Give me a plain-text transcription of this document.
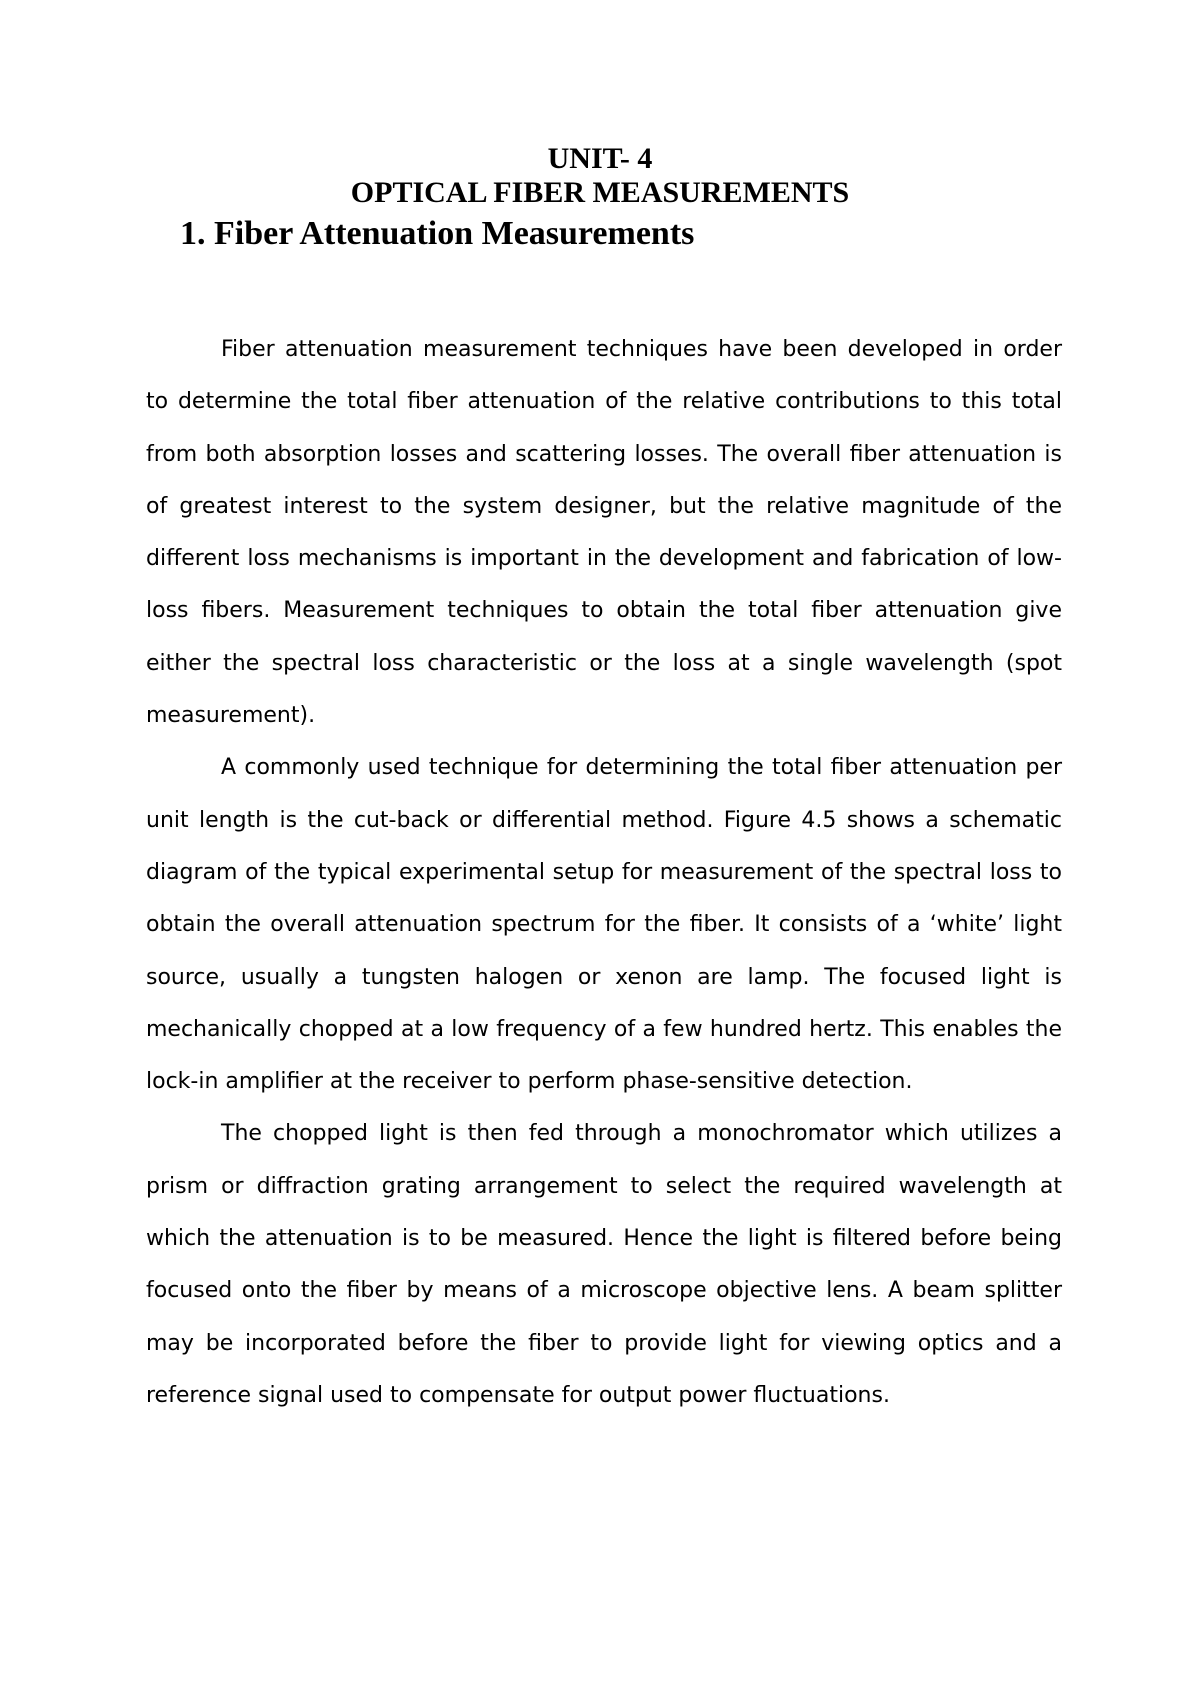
UNIT- 4
OPTICAL FIBER MEASUREMENTS
1. Fiber Attenuation Measurements

Fiber attenuation measurement techniques have been developed in order to determine the total fiber attenuation of the relative contributions to this total from both absorption losses and scattering losses. The overall fiber attenuation is of greatest interest to the system designer, but the relative magnitude of the different loss mechanisms is important in the development and fabrication of low-loss fibers. Measurement techniques to obtain the total fiber attenuation give either the spectral loss characteristic or the loss at a single wavelength (spot measurement).

A commonly used technique for determining the total fiber attenuation per unit length is the cut-back or differential method. Figure 4.5 shows a schematic diagram of the typical experimental setup for measurement of the spectral loss to obtain the overall attenuation spectrum for the fiber. It consists of a ‘white’ light source, usually a tungsten halogen or xenon are lamp. The focused light is mechanically chopped at a low frequency of a few hundred hertz. This enables the lock-in amplifier at the receiver to perform phase-sensitive detection.

The chopped light is then fed through a monochromator which utilizes a prism or diffraction grating arrangement to select the required wavelength at which the attenuation is to be measured. Hence the light is filtered before being focused onto the fiber by means of a microscope objective lens. A beam splitter may be incorporated before the fiber to provide light for viewing optics and a reference signal used to compensate for output power fluctuations.
